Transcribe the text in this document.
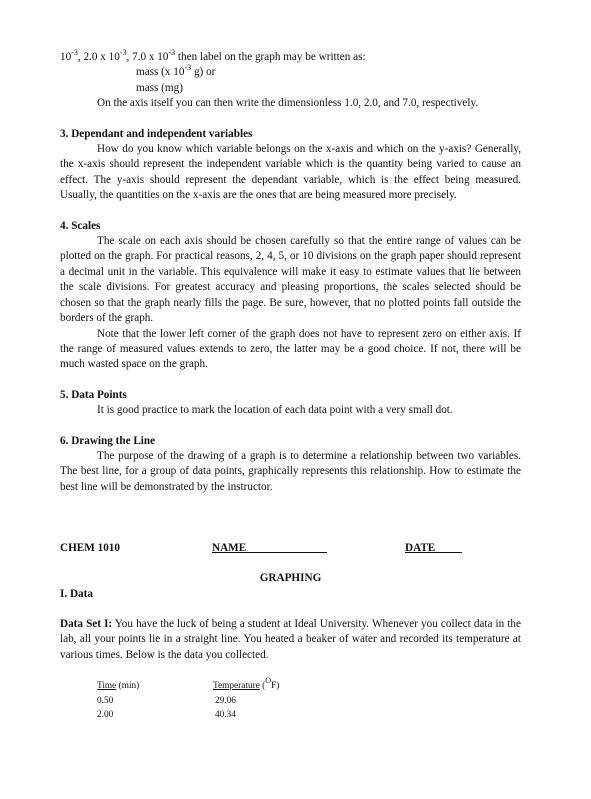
$10^{-3}$, 2.0 x $10^{-3}$, 7.0 x $10^{-3}$ then label on the graph may be written as:

mass (x $10^{-3}$ g) or

mass (mg)

On the axis itself you can then write the dimensionless 1.0, 2.0, and 7.0, respectively.

3. Dependant and independent variables

How do you know which variable belongs on the x-axis and which on the y-axis? Generally, the x-axis should represent the independent variable which is the quantity being varied to cause an effect. The y-axis should represent the dependant variable, which is the effect being measured. Usually, the quantities on the x-axis are the ones that are being measured more precisely.

4. Scales

The scale on each axis should be chosen carefully so that the entire range of values can be plotted on the graph. For practical reasons, 2, 4, 5, or 10 divisions on the graph paper should represent a decimal unit in the variable. This equivalence will make it easy to estimate values that lie between the scale divisions. For greatest accuracy and pleasing proportions, the scales selected should be chosen so that the graph nearly fills the page. Be sure, however, that no plotted points fall outside the borders of the graph.

Note that the lower left corner of the graph does not have to represent zero on either axis. If the range of measured values extends to zero, the latter may be a good choice. If not, there will be much wasted space on the graph.

5. Data Points

It is good practice to mark the location of each data point with a very small dot.

6. Drawing the Line

The purpose of the drawing of a graph is to determine a relationship between two variables. The best line, for a group of data points, graphically represents this relationship. How to estimate the best line will be demonstrated by the instructor.

CHEM 1010	NAME	DATE

GRAPHING

I. Data

Data Set I: You have the luck of being a student at Ideal University. Whenever you collect data in the lab, all your points lie in a straight line. You heated a beaker of water and recorded its temperature at various times. Below is the data you collected.

Time (min)	Temperature ($^O$F)
0.50	29.06
2.00	40.34
